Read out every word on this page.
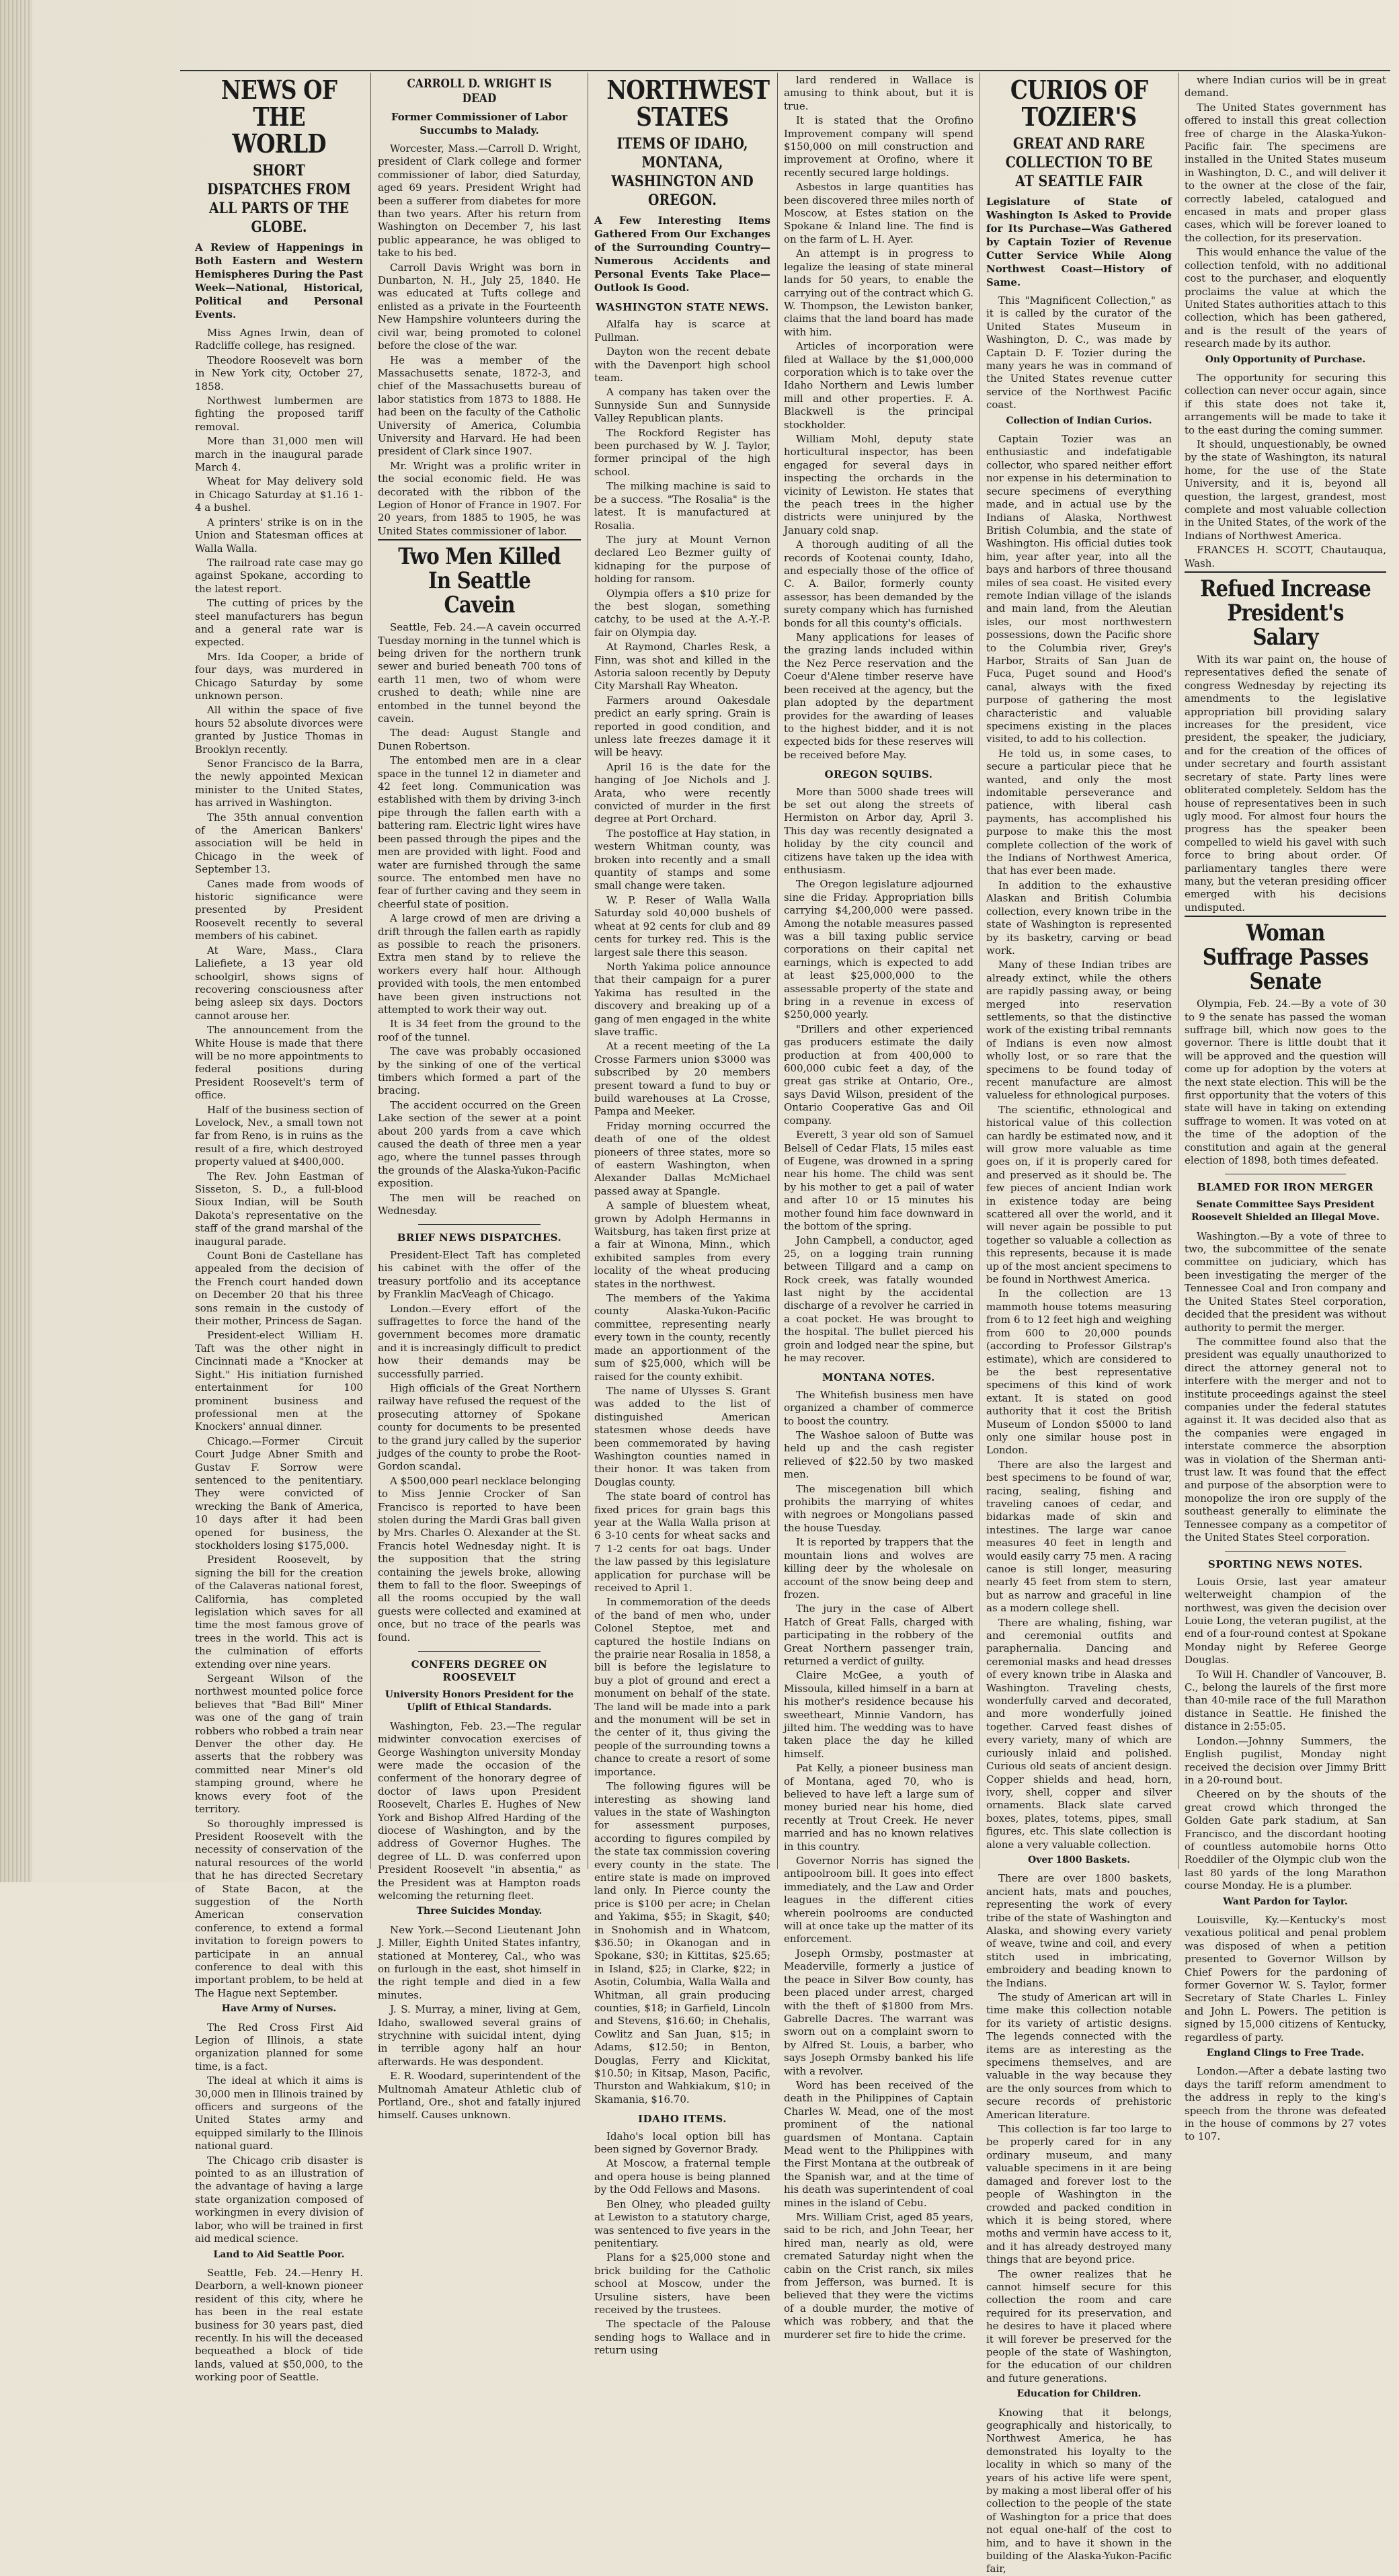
NEWS OF THE WORLD
SHORT DISPATCHES FROM ALL PARTS OF THE GLOBE.
A Review of Happenings in Both Eastern and Western Hemispheres During the Past Week—National, Historical, Political and Personal Events.

Miss Agnes Irwin, dean of Radcliffe college, has resigned.

Theodore Roosevelt was born in New York city, October 27, 1858.

Northwest lumbermen are fighting the proposed tariff removal.

More than 31,000 men will march in the inaugural parade March 4.

Wheat for May delivery sold in Chicago Saturday at $1.16 1-4 a bushel.

A printers' strike is on in the Union and Statesman offices at Walla Walla.

The railroad rate case may go against Spokane, according to the latest report.

The cutting of prices by the steel manufacturers has begun and a general rate war is expected.

Mrs. Ida Cooper, a bride of four days, was murdered in Chicago Saturday by some unknown person.

All within the space of five hours 52 absolute divorces were granted by Justice Thomas in Brooklyn recently.

Senor Francisco de la Barra, the newly appointed Mexican minister to the United States, has arrived in Washington.

The 35th annual convention of the American Bankers' association will be held in Chicago in the week of September 13.

Canes made from woods of historic significance were presented by President Roosevelt recently to several members of his cabinet.

At Ware, Mass., Clara Laliefiete, a 13 year old schoolgirl, shows signs of recovering consciousness after being asleep six days. Doctors cannot arouse her.

The announcement from the White House is made that there will be no more appointments to federal positions during President Roosevelt's term of office.

Half of the business section of Lovelock, Nev., a small town not far from Reno, is in ruins as the result of a fire, which destroyed property valued at $400,000.

The Rev. John Eastman of Sisseton, S. D., a full-blood Sioux Indian, will be South Dakota's representative on the staff of the grand marshal of the inaugural parade.

Count Boni de Castellane has appealed from the decision of the French court handed down on December 20 that his three sons remain in the custody of their mother, Princess de Sagan.

President-elect William H. Taft was the other night in Cincinnati made a "Knocker at Sight." His initiation furnished entertainment for 100 prominent business and professional men at the Knockers' annual dinner.

Chicago.—Former Circuit Court Judge Abner Smith and Gustav F. Sorrow were sentenced to the penitentiary. They were convicted of wrecking the Bank of America, 10 days after it had been opened for business, the stockholders losing $175,000.

President Roosevelt, by signing the bill for the creation of the Calaveras national forest, California, has completed legislation which saves for all time the most famous grove of trees in the world. This act is the culmination of efforts extending over nine years.

Sergeant Wilson of the northwest mounted police force believes that "Bad Bill" Miner was one of the gang of train robbers who robbed a train near Denver the other day. He asserts that the robbery was committed near Miner's old stamping ground, where he knows every foot of the territory.

So thoroughly impressed is President Roosevelt with the necessity of conservation of the natural resources of the world that he has directed Secretary of State Bacon, at the suggestion of the North American conservation conference, to extend a formal invitation to foreign powers to participate in an annual conference to deal with this important problem, to be held at The Hague next September.

Have Army of Nurses.

The Red Cross First Aid Legion of Illinois, a state organization planned for some time, is a fact.

The ideal at which it aims is 30,000 men in Illinois trained by officers and surgeons of the United States army and equipped similarly to the Illinois national guard.

The Chicago crib disaster is pointed to as an illustration of the advantage of having a large state organization composed of workingmen in every division of labor, who will be trained in first aid medical science.

Land to Aid Seattle Poor.

Seattle, Feb. 24.—Henry H. Dearborn, a well-known pioneer resident of this city, where he has been in the real estate business for 30 years past, died recently. In his will the deceased bequeathed a block of tide lands, valued at $50,000, to the working poor of Seattle.

CARROLL D. WRIGHT IS DEAD
Former Commissioner of Labor Succumbs to Malady.

Worcester, Mass.—Carroll D. Wright, president of Clark college and former commissioner of labor, died Saturday, aged 69 years. President Wright had been a sufferer from diabetes for more than two years. After his return from Washington on December 7, his last public appearance, he was obliged to take to his bed.

Carroll Davis Wright was born in Dunbarton, N. H., July 25, 1840. He was educated at Tufts college and enlisted as a private in the Fourteenth New Hampshire volunteers during the civil war, being promoted to colonel before the close of the war.

He was a member of the Massachusetts senate, 1872-3, and chief of the Massachusetts bureau of labor statistics from 1873 to 1888. He had been on the faculty of the Catholic University of America, Columbia University and Harvard. He had been president of Clark since 1907.

Mr. Wright was a prolific writer in the social economic field. He was decorated with the ribbon of the Legion of Honor of France in 1907. For 20 years, from 1885 to 1905, he was United States commissioner of labor.

Two Men Killed In Seattle Cavein

Seattle, Feb. 24.—A cavein occurred Tuesday morning in the tunnel which is being driven for the northern trunk sewer and buried beneath 700 tons of earth 11 men, two of whom were crushed to death; while nine are entombed in the tunnel beyond the cavein.

The dead: August Stangle and Dunen Robertson.

The entombed men are in a clear space in the tunnel 12 in diameter and 42 feet long. Communication was established with them by driving 3-inch pipe through the fallen earth with a battering ram. Electric light wires have been passed through the pipes and the men are provided with light. Food and water are furnished through the same source. The entombed men have no fear of further caving and they seem in cheerful state of position.

A large crowd of men are driving a drift through the fallen earth as rapidly as possible to reach the prisoners. Extra men stand by to relieve the workers every half hour. Although provided with tools, the men entombed have been given instructions not attempted to work their way out.

It is 34 feet from the ground to the roof of the tunnel.

The cave was probably occasioned by the sinking of one of the vertical timbers which formed a part of the bracing.

The accident occurred on the Green Lake section of the sewer at a point about 200 yards from a cave which caused the death of three men a year ago, where the tunnel passes through the grounds of the Alaska-Yukon-Pacific exposition.

The men will be reached on Wednesday.

BRIEF NEWS DISPATCHES.

President-Elect Taft has completed his cabinet with the offer of the treasury portfolio and its acceptance by Franklin MacVeagh of Chicago.

London.—Every effort of the suffragettes to force the hand of the government becomes more dramatic and it is increasingly difficult to predict how their demands may be successfully parried.

High officials of the Great Northern railway have refused the request of the prosecuting attorney of Spokane county for documents to be presented to the grand jury called by the superior judges of the county to probe the Root-Gordon scandal.

A $500,000 pearl necklace belonging to Miss Jennie Crocker of San Francisco is reported to have been stolen during the Mardi Gras ball given by Mrs. Charles O. Alexander at the St. Francis hotel Wednesday night. It is the supposition that the string containing the jewels broke, allowing them to fall to the floor. Sweepings of all the rooms occupied by the wall guests were collected and examined at once, but no trace of the pearls was found.

CONFERS DEGREE ON ROOSEVELT
University Honors President for the Uplift of Ethical Standards.

Washington, Feb. 23.—The regular midwinter convocation exercises of George Washington university Monday were made the occasion of the conferment of the honorary degree of doctor of laws upon President Roosevelt, Charles E. Hughes of New York and Bishop Alfred Harding of the diocese of Washington, and by the address of Governor Hughes. The degree of LL. D. was conferred upon President Roosevelt "in absentia," as the President was at Hampton roads welcoming the returning fleet.

Three Suicides Monday.

New York.—Second Lieutenant John J. Miller, Eighth United States infantry, stationed at Monterey, Cal., who was on furlough in the east, shot himself in the right temple and died in a few minutes.

J. S. Murray, a miner, living at Gem, Idaho, swallowed several grains of strychnine with suicidal intent, dying in terrible agony half an hour afterwards. He was despondent.

E. R. Woodard, superintendent of the Multnomah Amateur Athletic club of Portland, Ore., shot and fatally injured himself. Causes unknown.

NORTHWEST STATES
ITEMS OF IDAHO, MONTANA, WASHINGTON AND OREGON.
A Few Interesting Items Gathered From Our Exchanges of the Surrounding Country—Numerous Accidents and Personal Events Take Place—Outlook Is Good.
WASHINGTON STATE NEWS.

Alfalfa hay is scarce at Pullman.

Dayton won the recent debate with the Davenport high school team.

A company has taken over the Sunnyside Sun and Sunnyside Valley Republican plants.

The Rockford Register has been purchased by W. J. Taylor, former principal of the high school.

The milking machine is said to be a success. "The Rosalia" is the latest. It is manufactured at Rosalia.

The jury at Mount Vernon declared Leo Bezmer guilty of kidnaping for the purpose of holding for ransom.

Olympia offers a $10 prize for the best slogan, something catchy, to be used at the A.-Y.-P. fair on Olympia day.

At Raymond, Charles Resk, a Finn, was shot and killed in the Astoria saloon recently by Deputy City Marshall Ray Wheaton.

Farmers around Oakesdale predict an early spring. Grain is reported in good condition, and unless late freezes damage it it will be heavy.

April 16 is the date for the hanging of Joe Nichols and J. Arata, who were recently convicted of murder in the first degree at Port Orchard.

The postoffice at Hay station, in western Whitman county, was broken into recently and a small quantity of stamps and some small change were taken.

W. P. Reser of Walla Walla Saturday sold 40,000 bushels of wheat at 92 cents for club and 89 cents for turkey red. This is the largest sale there this season.

North Yakima police announce that their campaign for a purer Yakima has resulted in the discovery and breaking up of a gang of men engaged in the white slave traffic.

At a recent meeting of the La Crosse Farmers union $3000 was subscribed by 20 members present toward a fund to buy or build warehouses at La Crosse, Pampa and Meeker.

Friday morning occurred the death of one of the oldest pioneers of three states, more so of eastern Washington, when Alexander Dallas McMichael passed away at Spangle.

A sample of bluestem wheat, grown by Adolph Hermanns in Waitsburg, has taken first prize at a fair at Winona, Minn., which exhibited samples from every locality of the wheat producing states in the northwest.

The members of the Yakima county Alaska-Yukon-Pacific committee, representing nearly every town in the county, recently made an apportionment of the sum of $25,000, which will be raised for the county exhibit.

The name of Ulysses S. Grant was added to the list of distinguished American statesmen whose deeds have been commemorated by having Washington counties named in their honor. It was taken from Douglas county.

The state board of control has fixed prices for grain bags this year at the Walla Walla prison at 6 3-10 cents for wheat sacks and 7 1-2 cents for oat bags. Under the law passed by this legislature application for purchase will be received to April 1.

In commemoration of the deeds of the band of men who, under Colonel Steptoe, met and captured the hostile Indians on the prairie near Rosalia in 1858, a bill is before the legislature to buy a plot of ground and erect a monument on behalf of the state. The land will be made into a park and the monument will be set in the center of it, thus giving the people of the surrounding towns a chance to create a resort of some importance.

The following figures will be interesting as showing land values in the state of Washington for assessment purposes, according to figures compiled by the state tax commission covering every county in the state. The entire state is made on improved land only. In Pierce county the price is $100 per acre; in Chelan and Yakima, $55; in Skagit, $40; in Snohomish and in Whatcom, $36.50; in Okanogan and in Spokane, $30; in Kittitas, $25.65; in Island, $25; in Clarke, $22; in Asotin, Columbia, Walla Walla and Whitman, all grain producing counties, $18; in Garfield, Lincoln and Stevens, $16.60; in Chehalis, Cowlitz and San Juan, $15; in Adams, $12.50; in Benton, Douglas, Ferry and Klickitat, $10.50; in Kitsap, Mason, Pacific, Thurston and Wahkiakum, $10; in Skamania, $16.70.

IDAHO ITEMS.

Idaho's local option bill has been signed by Governor Brady.

At Moscow, a fraternal temple and opera house is being planned by the Odd Fellows and Masons.

Ben Olney, who pleaded guilty at Lewiston to a statutory charge, was sentenced to five years in the penitentiary.

Plans for a $25,000 stone and brick building for the Catholic school at Moscow, under the Ursuline sisters, have been received by the trustees.

The spectacle of the Palouse sending hogs to Wallace and in return using

lard rendered in Wallace is amusing to think about, but it is true.

It is stated that the Orofino Improvement company will spend $150,000 on mill construction and improvement at Orofino, where it recently secured large holdings.

Asbestos in large quantities has been discovered three miles north of Moscow, at Estes station on the Spokane & Inland line. The find is on the farm of L. H. Ayer.

An attempt is in progress to legalize the leasing of state mineral lands for 50 years, to enable the carrying out of the contract which G. W. Thompson, the Lewiston banker, claims that the land board has made with him.

Articles of incorporation were filed at Wallace by the $1,000,000 corporation which is to take over the Idaho Northern and Lewis lumber mill and other properties. F. A. Blackwell is the principal stockholder.

William Mohl, deputy state horticultural inspector, has been engaged for several days in inspecting the orchards in the vicinity of Lewiston. He states that the peach trees in the higher districts were uninjured by the January cold snap.

A thorough auditing of all the records of Kootenai county, Idaho, and especially those of the office of C. A. Bailor, formerly county assessor, has been demanded by the surety company which has furnished bonds for all this county's officials.

Many applications for leases of the grazing lands included within the Nez Perce reservation and the Coeur d'Alene timber reserve have been received at the agency, but the plan adopted by the department provides for the awarding of leases to the highest bidder, and it is not expected bids for these reserves will be received before May.

OREGON SQUIBS.

More than 5000 shade trees will be set out along the streets of Hermiston on Arbor day, April 3. This day was recently designated a holiday by the city council and citizens have taken up the idea with enthusiasm.

The Oregon legislature adjourned sine die Friday. Appropriation bills carrying $4,200,000 were passed. Among the notable measures passed was a bill taxing public service corporations on their capital net earnings, which is expected to add at least $25,000,000 to the assessable property of the state and bring in a revenue in excess of $250,000 yearly.

"Drillers and other experienced gas producers estimate the daily production at from 400,000 to 600,000 cubic feet a day, of the great gas strike at Ontario, Ore., says David Wilson, president of the Ontario Cooperative Gas and Oil company.

Everett, 3 year old son of Samuel Belsell of Cedar Flats, 15 miles east of Eugene, was drowned in a spring near his home. The child was sent by his mother to get a pail of water and after 10 or 15 minutes his mother found him face downward in the bottom of the spring.

John Campbell, a conductor, aged 25, on a logging train running between Tillgard and a camp on Rock creek, was fatally wounded last night by the accidental discharge of a revolver he carried in a coat pocket. He was brought to the hospital. The bullet pierced his groin and lodged near the spine, but he may recover.

MONTANA NOTES.

The Whitefish business men have organized a chamber of commerce to boost the country.

The Washoe saloon of Butte was held up and the cash register relieved of $22.50 by two masked men.

The miscegenation bill which prohibits the marrying of whites with negroes or Mongolians passed the house Tuesday.

It is reported by trappers that the mountain lions and wolves are killing deer by the wholesale on account of the snow being deep and frozen.

The jury in the case of Albert Hatch of Great Falls, charged with participating in the robbery of the Great Northern passenger train, returned a verdict of guilty.

Claire McGee, a youth of Missoula, killed himself in a barn at his mother's residence because his sweetheart, Minnie Vandorn, has jilted him. The wedding was to have taken place the day he killed himself.

Pat Kelly, a pioneer business man of Montana, aged 70, who is believed to have left a large sum of money buried near his home, died recently at Trout Creek. He never married and has no known relatives in this country.

Governor Norris has signed the antipoolroom bill. It goes into effect immediately, and the Law and Order leagues in the different cities wherein poolrooms are conducted will at once take up the matter of its enforcement.

Joseph Ormsby, postmaster at Meaderville, formerly a justice of the peace in Silver Bow county, has been placed under arrest, charged with the theft of $1800 from Mrs. Gabrelle Dacres. The warrant was sworn out on a complaint sworn to by Alfred St. Louis, a barber, who says Joseph Ormsby banked his life with a revolver.

Word has been received of the death in the Philippines of Captain Charles W. Mead, one of the most prominent of the national guardsmen of Montana. Captain Mead went to the Philippines with the First Montana at the outbreak of the Spanish war, and at the time of his death was superintendent of coal mines in the island of Cebu.

Mrs. William Crist, aged 85 years, said to be rich, and John Teear, her hired man, nearly as old, were cremated Saturday night when the cabin on the Crist ranch, six miles from Jefferson, was burned. It is believed that they were the victims of a double murder, the motive of which was robbery, and that the murderer set fire to hide the crime.

CURIOS OF TOZIER'S
GREAT AND RARE COLLECTION TO BE AT SEATTLE FAIR
Legislature of State of Washington Is Asked to Provide for Its Purchase—Was Gathered by Captain Tozier of Revenue Cutter Service While Along Northwest Coast—History of Same.

This "Magnificent Collection," as it is called by the curator of the United States Museum in Washington, D. C., was made by Captain D. F. Tozier during the many years he was in command of the United States revenue cutter service of the Northwest Pacific coast.

Collection of Indian Curios.

Captain Tozier was an enthusiastic and indefatigable collector, who spared neither effort nor expense in his determination to secure specimens of everything made, and in actual use by the Indians of Alaska, Northwest British Columbia, and the state of Washington. His official duties took him, year after year, into all the bays and harbors of three thousand miles of sea coast. He visited every remote Indian village of the islands and main land, from the Aleutian isles, our most northwestern possessions, down the Pacific shore to the Columbia river, Grey's Harbor, Straits of San Juan de Fuca, Puget sound and Hood's canal, always with the fixed purpose of gathering the most characteristic and valuable specimens existing in the places visited, to add to his collection.

He told us, in some cases, to secure a particular piece that he wanted, and only the most indomitable perseverance and patience, with liberal cash payments, has accomplished his purpose to make this the most complete collection of the work of the Indians of Northwest America, that has ever been made.

In addition to the exhaustive Alaskan and British Columbia collection, every known tribe in the state of Washington is represented by its basketry, carving or bead work.

Many of these Indian tribes are already extinct, while the others are rapidly passing away, or being merged into reservation settlements, so that the distinctive work of the existing tribal remnants of Indians is even now almost wholly lost, or so rare that the specimens to be found today of recent manufacture are almost valueless for ethnological purposes.

The scientific, ethnological and historical value of this collection can hardly be estimated now, and it will grow more valuable as time goes on, if it is properly cared for and preserved as it should be. The few pieces of ancient Indian work in existence today are being scattered all over the world, and it will never again be possible to put together so valuable a collection as this represents, because it is made up of the most ancient specimens to be found in Northwest America.

In the collection are 13 mammoth house totems measuring from 6 to 12 feet high and weighing from 600 to 20,000 pounds (according to Professor Gilstrap's estimate), which are considered to be the best representative specimens of this kind of work extant. It is stated on good authority that it cost the British Museum of London $5000 to land only one similar house post in London.

There are also the largest and best specimens to be found of war, racing, sealing, fishing and traveling canoes of cedar, and bidarkas made of skin and intestines. The large war canoe measures 40 feet in length and would easily carry 75 men. A racing canoe is still longer, measuring nearly 45 feet from stem to stern, but as narrow and graceful in line as a modern college shell.

There are whaling, fishing, war and ceremonial outfits and paraphernalia. Dancing and ceremonial masks and head dresses of every known tribe in Alaska and Washington. Traveling chests, wonderfully carved and decorated, and more wonderfully joined together. Carved feast dishes of every variety, many of which are curiously inlaid and polished. Curious old seats of ancient design. Copper shields and head, horn, ivory, shell, copper and silver ornaments. Black slate carved boxes, plates, totems, pipes, small figures, etc. This slate collection is alone a very valuable collection.

Over 1800 Baskets.

There are over 1800 baskets, ancient hats, mats and pouches, representing the work of every tribe of the state of Washington and Alaska, and showing every variety of weave, twine and coil, and every stitch used in imbricating, embroidery and beading known to the Indians.

The study of American art will in time make this collection notable for its variety of artistic designs. The legends connected with the items are as interesting as the specimens themselves, and are valuable in the way because they are the only sources from which to secure records of prehistoric American literature.

This collection is far too large to be properly cared for in any ordinary museum, and many valuable specimens in it are being damaged and forever lost to the people of Washington in the crowded and packed condition in which it is being stored, where moths and vermin have access to it, and it has already destroyed many things that are beyond price.

The owner realizes that he cannot himself secure for this collection the room and care required for its preservation, and he desires to have it placed where it will forever be preserved for the people of the state of Washington, for the education of our children and future generations.

Education for Children.

Knowing that it belongs, geographically and historically, to Northwest America, he has demonstrated his loyalty to the locality in which so many of the years of his active life were spent, by making a most liberal offer of his collection to the people of the state of Washington for a price that does not equal one-half of the cost to him, and to have it shown in the building of the Alaska-Yukon-Pacific fair,

where Indian curios will be in great demand.

The United States government has offered to install this great collection free of charge in the Alaska-Yukon-Pacific fair. The specimens are installed in the United States museum in Washington, D. C., and will deliver it to the owner at the close of the fair, correctly labeled, catalogued and encased in mats and proper glass cases, which will be forever loaned to the collection, for its preservation.

This would enhance the value of the collection tenfold, with no additional cost to the purchaser, and eloquently proclaims the value at which the United States authorities attach to this collection, which has been gathered, and is the result of the years of research made by its author.

Only Opportunity of Purchase.

The opportunity for securing this collection can never occur again, since if this state does not take it, arrangements will be made to take it to the east during the coming summer.

It should, unquestionably, be owned by the state of Washington, its natural home, for the use of the State University, and it is, beyond all question, the largest, grandest, most complete and most valuable collection in the United States, of the work of the Indians of Northwest America.

FRANCES H. SCOTT, Chautauqua, Wash.

Refued Increase President's Salary

With its war paint on, the house of representatives defied the senate of congress Wednesday by rejecting its amendments to the legislative appropriation bill providing salary increases for the president, vice president, the speaker, the judiciary, and for the creation of the offices of under secretary and fourth assistant secretary of state. Party lines were obliterated completely. Seldom has the house of representatives been in such ugly mood. For almost four hours the progress has the speaker been compelled to wield his gavel with such force to bring about order. Of parliamentary tangles there were many, but the veteran presiding officer emerged with his decisions undisputed.

Woman Suffrage Passes Senate

Olympia, Feb. 24.—By a vote of 30 to 9 the senate has passed the woman suffrage bill, which now goes to the governor. There is little doubt that it will be approved and the question will come up for adoption by the voters at the next state election. This will be the first opportunity that the voters of this state will have in taking on extending suffrage to women. It was voted on at the time of the adoption of the constitution and again at the general election of 1898, both times defeated.

BLAMED FOR IRON MERGER
Senate Committee Says President Roosevelt Shielded an Illegal Move.

Washington.—By a vote of three to two, the subcommittee of the senate committee on judiciary, which has been investigating the merger of the Tennessee Coal and Iron company and the United States Steel corporation, decided that the president was without authority to permit the merger.

The committee found also that the president was equally unauthorized to direct the attorney general not to interfere with the merger and not to institute proceedings against the steel companies under the federal statutes against it. It was decided also that as the companies were engaged in interstate commerce the absorption was in violation of the Sherman anti-trust law. It was found that the effect and purpose of the absorption were to monopolize the iron ore supply of the southeast generally to eliminate the Tennessee company as a competitor of the United States Steel corporation.

SPORTING NEWS NOTES.

Louis Orsie, last year amateur welterweight champion of the northwest, was given the decision over Louie Long, the veteran pugilist, at the end of a four-round contest at Spokane Monday night by Referee George Douglas.

To Will H. Chandler of Vancouver, B. C., belong the laurels of the first more than 40-mile race of the full Marathon distance in Seattle. He finished the distance in 2:55:05.

London.—Johnny Summers, the English pugilist, Monday night received the decision over Jimmy Britt in a 20-round bout.

Cheered on by the shouts of the great crowd which thronged the Golden Gate park stadium, at San Francisco, and the discordant hooting of countless automobile horns Otto Roeddiler of the Olympic club won the last 80 yards of the long Marathon course Monday. He is a plumber.

Want Pardon for Taylor.

Louisville, Ky.—Kentucky's most vexatious political and penal problem was disposed of when a petition presented to Governor Willson by Chief Powers for the pardoning of former Governor W. S. Taylor, former Secretary of State Charles L. Finley and John L. Powers. The petition is signed by 15,000 citizens of Kentucky, regardless of party.

England Clings to Free Trade.

London.—After a debate lasting two days the tariff reform amendment to the address in reply to the king's speech from the throne was defeated in the house of commons by 27 votes to 107.
